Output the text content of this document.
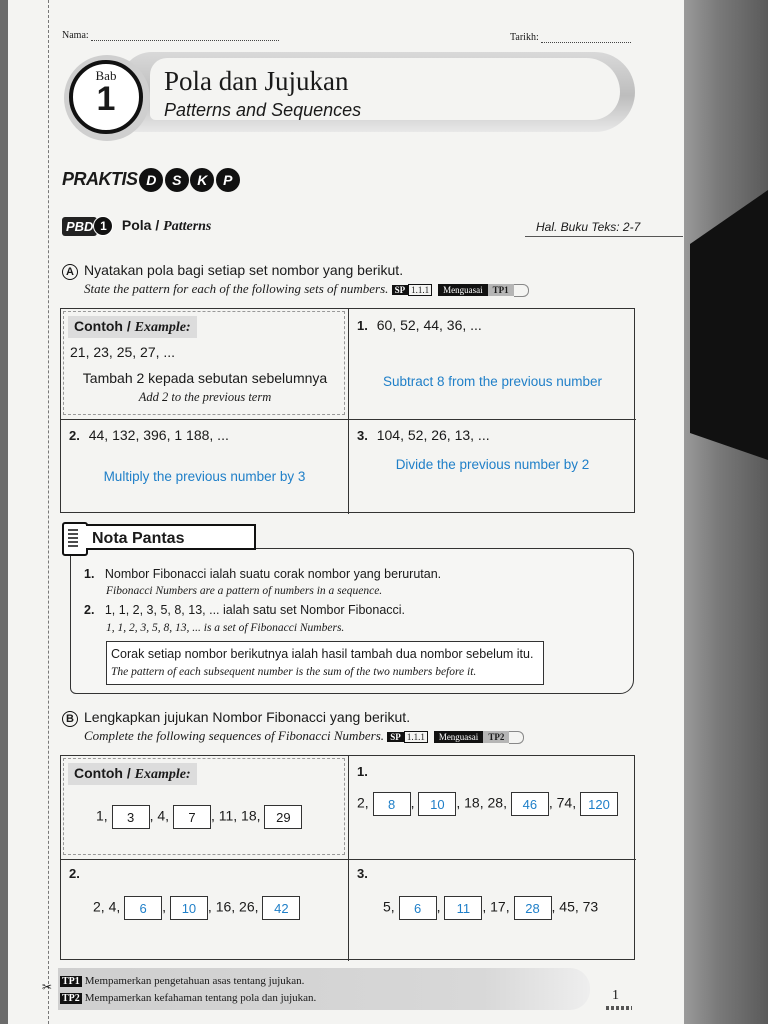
Nama:	Tarikh:
Bab
1	Pola dan Jujukan
Patterns and Sequences
PRAKTIS D S K P
PBD 1 Pola / Patterns	Hal. Buku Teks: 2-7
A Nyatakan pola bagi setiap set nombor yang berikut.
State the pattern for each of the following sets of numbers. SP 1.1.1 Menguasai TP1
Contoh / Example:
21, 23, 25, 27, ...
Tambah 2 kepada sebutan sebelumnya
Add 2 to the previous term
1. 60, 52, 44, 36, ...
Subtract 8 from the previous number
2. 44, 132, 396, 1 188, ...
Multiply the previous number by 3
3. 104, 52, 26, 13, ...
Divide the previous number by 2
Nota Pantas
1. Nombor Fibonacci ialah suatu corak nombor yang berurutan.
Fibonacci Numbers are a pattern of numbers in a sequence.
2. 1, 1, 2, 3, 5, 8, 13, ... ialah satu set Nombor Fibonacci.
1, 1, 2, 3, 5, 8, 13, ... is a set of Fibonacci Numbers.
Corak setiap nombor berikutnya ialah hasil tambah dua nombor sebelum itu.
The pattern of each subsequent number is the sum of the two numbers before it.
B Lengkapkan jujukan Nombor Fibonacci yang berikut.
Complete the following sequences of Fibonacci Numbers. SP 1.1.1 Menguasai TP2
Contoh / Example:
1, 3 , 4, 7 , 11, 18, 29
1.
2, 8 , 10 , 18, 28, 46 , 74, 120
2.
2, 4, 6 , 10 , 16, 26, 42
3.
5, 6 , 11 , 17, 28 , 45, 73
✂ TP1 Mempamerkan pengetahuan asas tentang jujukan.
TP2 Mempamerkan kefahaman tentang pola dan jujukan.	1
